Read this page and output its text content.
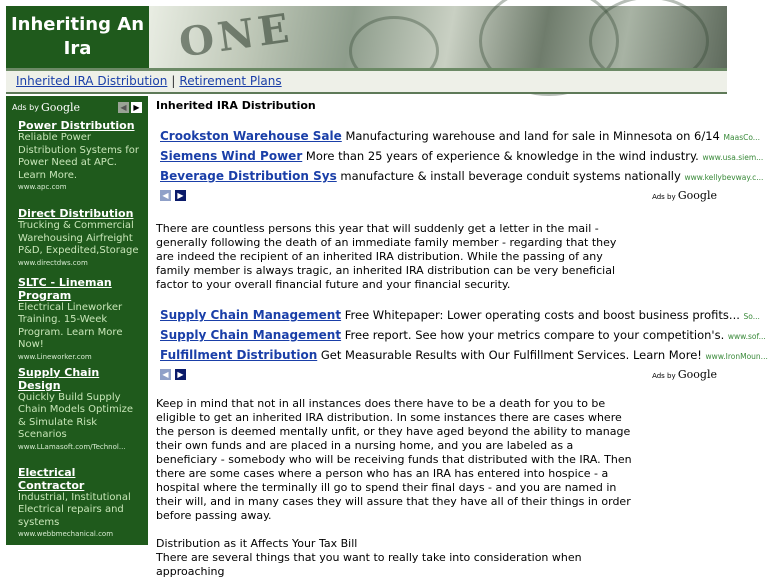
Inheriting An Ira	ONE
Inherited IRA Distribution | Retirement Plans
Ads by Google	◀ ▶
Power Distribution
Reliable Power Distribution Systems for Power Need at APC. Learn More.
www.apc.com
Direct Distribution
Trucking & Commercial Warehousing Airfreight P&D, Expedited,Storage
www.directdws.com
SLTC - Lineman Program
Electrical Lineworker Training. 15-Week Program. Learn More Now!
www.Lineworker.com
Supply Chain Design
Quickly Build Supply Chain Models Optimize & Simulate Risk Scenarios
www.LLamasoft.com/Technol...
Electrical Contractor
Industrial, Institutional Electrical repairs and systems
www.webbmechanical.com
Inherited IRA Distribution
Crookston Warehouse Sale Manufacturing warehouse and land for sale in Minnesota on 6/14 MaasCo...
Siemens Wind Power More than 25 years of experience & knowledge in the wind industry. www.usa.siem...
Beverage Distribution Sys manufacture & install beverage conduit systems nationally www.kellybevway.c...
◀	▶	Ads by Google
There are countless persons this year that will suddenly get a letter in the mail - generally following the death of an immediate family member - regarding that they are indeed the recipient of an inherited IRA distribution. While the passing of any family member is always tragic, an inherited IRA distribution can be very beneficial factor to your overall financial future and your financial security.
Supply Chain Management Free Whitepaper: Lower operating costs and boost business profits... So...
Supply Chain Management Free report. See how your metrics compare to your competition's. www.sof...
Fulfillment Distribution Get Measurable Results with Our Fulfillment Services. Learn More! www.IronMoun...
◀	▶	Ads by Google
Keep in mind that not in all instances does there have to be a death for you to be eligible to get an inherited IRA distribution. In some instances there are cases where the person is deemed mentally unfit, or they have aged beyond the ability to manage their own funds and are placed in a nursing home, and you are labeled as a beneficiary - somebody who will be receiving funds that distributed with the IRA. Then there are some cases where a person who has an IRA has entered into hospice - a hospital where the terminally ill go to spend their final days - and you are named in their will, and in many cases they will assure that they have all of their things in order before passing away.
Distribution as it Affects Your Tax Bill
There are several things that you want to really take into consideration when approaching
